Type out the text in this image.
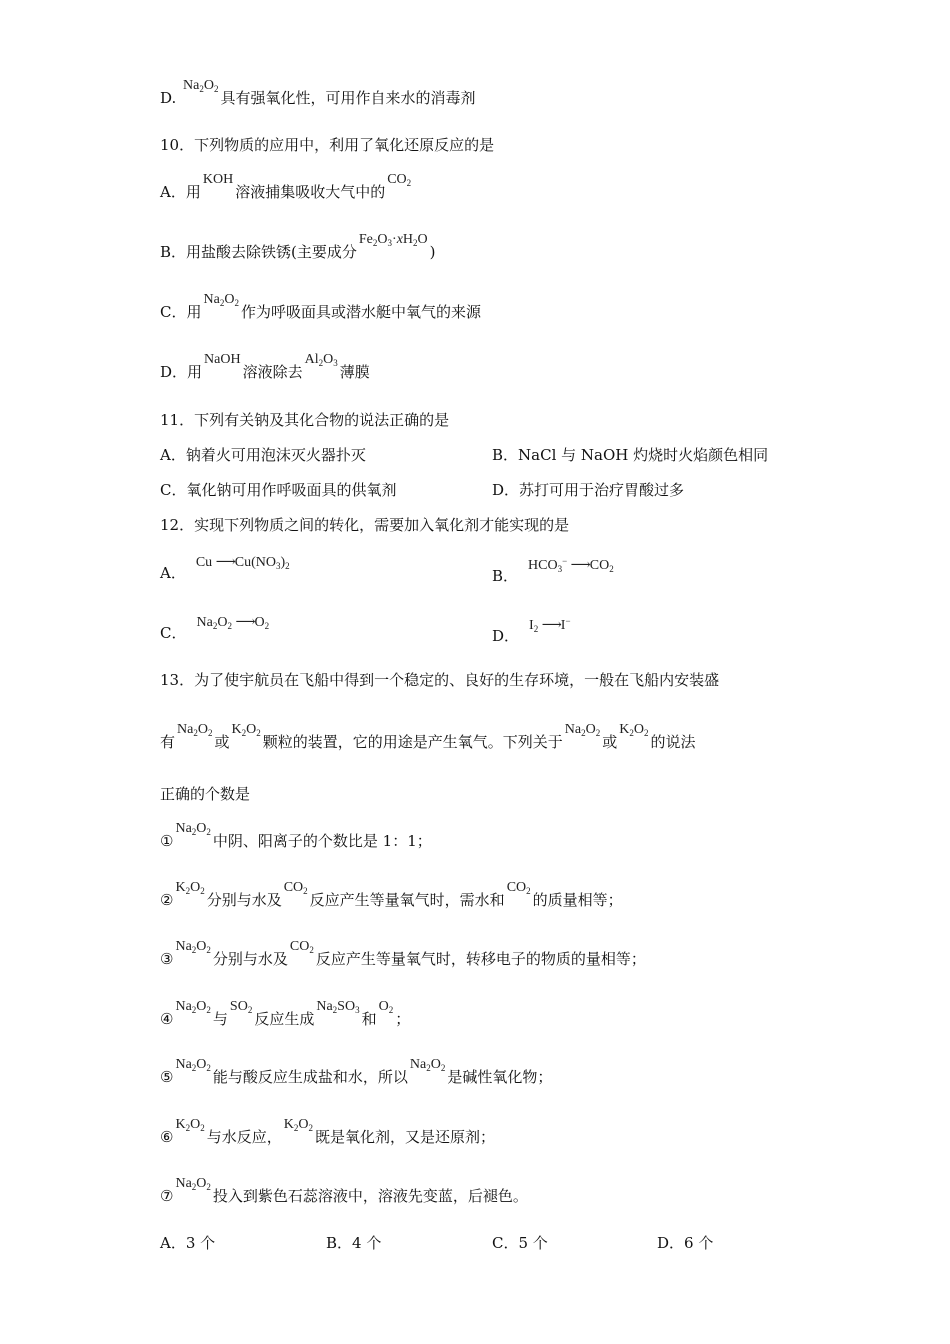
D. $Na_2O_2$ 具有强氧化性，可用作自来水的消毒剂
10．下列物质的应用中，利用了氧化还原反应的是
A．用KOH溶液捕集吸收大气中的$CO_2$
B．用盐酸去除铁锈(主要成分$Fe_2O_3\cdot xH_2O$)
C．用$Na_2O_2$ 作为呼吸面具或潜水艇中氧气的来源
D．用NaOH溶液除去$Al_2O_3$ 薄膜
11．下列有关钠及其化合物的说法正确的是
A．钠着火可用泡沫灭火器扑灭	B．NaCl 与 NaOH 灼烧时火焰颜色相同
C．氧化钠可用作呼吸面具的供氧剂	D．苏打可用于治疗胃酸过多
12．实现下列物质之间的转化，需要加入氧化剂才能实现的是
A．Cu $⟶Cu(NO_3)_2$
B．$HCO_3^-$ $⟶CO_2$
C．$Na_2O_2$ $⟶O_2$
D．$I_2$ ⟶I−
13．为了使宇航员在飞船中得到一个稳定的、良好的生存环境，一般在飞船内安装盛
有$Na_2O_2$ 或$K_2O_2$ 颗粒的装置，它的用途是产生氧气。下列关于$Na_2O_2$ 或$K_2O_2$ 的说法
正确的个数是
$①Na_2O_2$ 中阴、阳离子的个数比是 1：1；
$②K_2O_2$ 分别与水及$CO_2$ 反应产生等量氧气时，需水和$CO_2$ 的质量相等；
$③Na_2O_2$ 分别与水及$CO_2$ 反应产生等量氧气时，转移电子的物质的量相等；
$④Na_2O_2$ 与$SO_2$ 反应生成$Na_2SO_3$ 和$O_2$ ；
$⑤Na_2O_2$ 能与酸反应生成盐和水，所以$Na_2O_2$ 是碱性氧化物；
$⑥K_2O_2$ 与水反应，$K_2O_2$ 既是氧化剂，又是还原剂；
$⑦Na_2O_2$ 投入到紫色石蕊溶液中，溶液先变蓝，后褪色。
A．3 个	B．4 个	C．5 个	D．6 个
